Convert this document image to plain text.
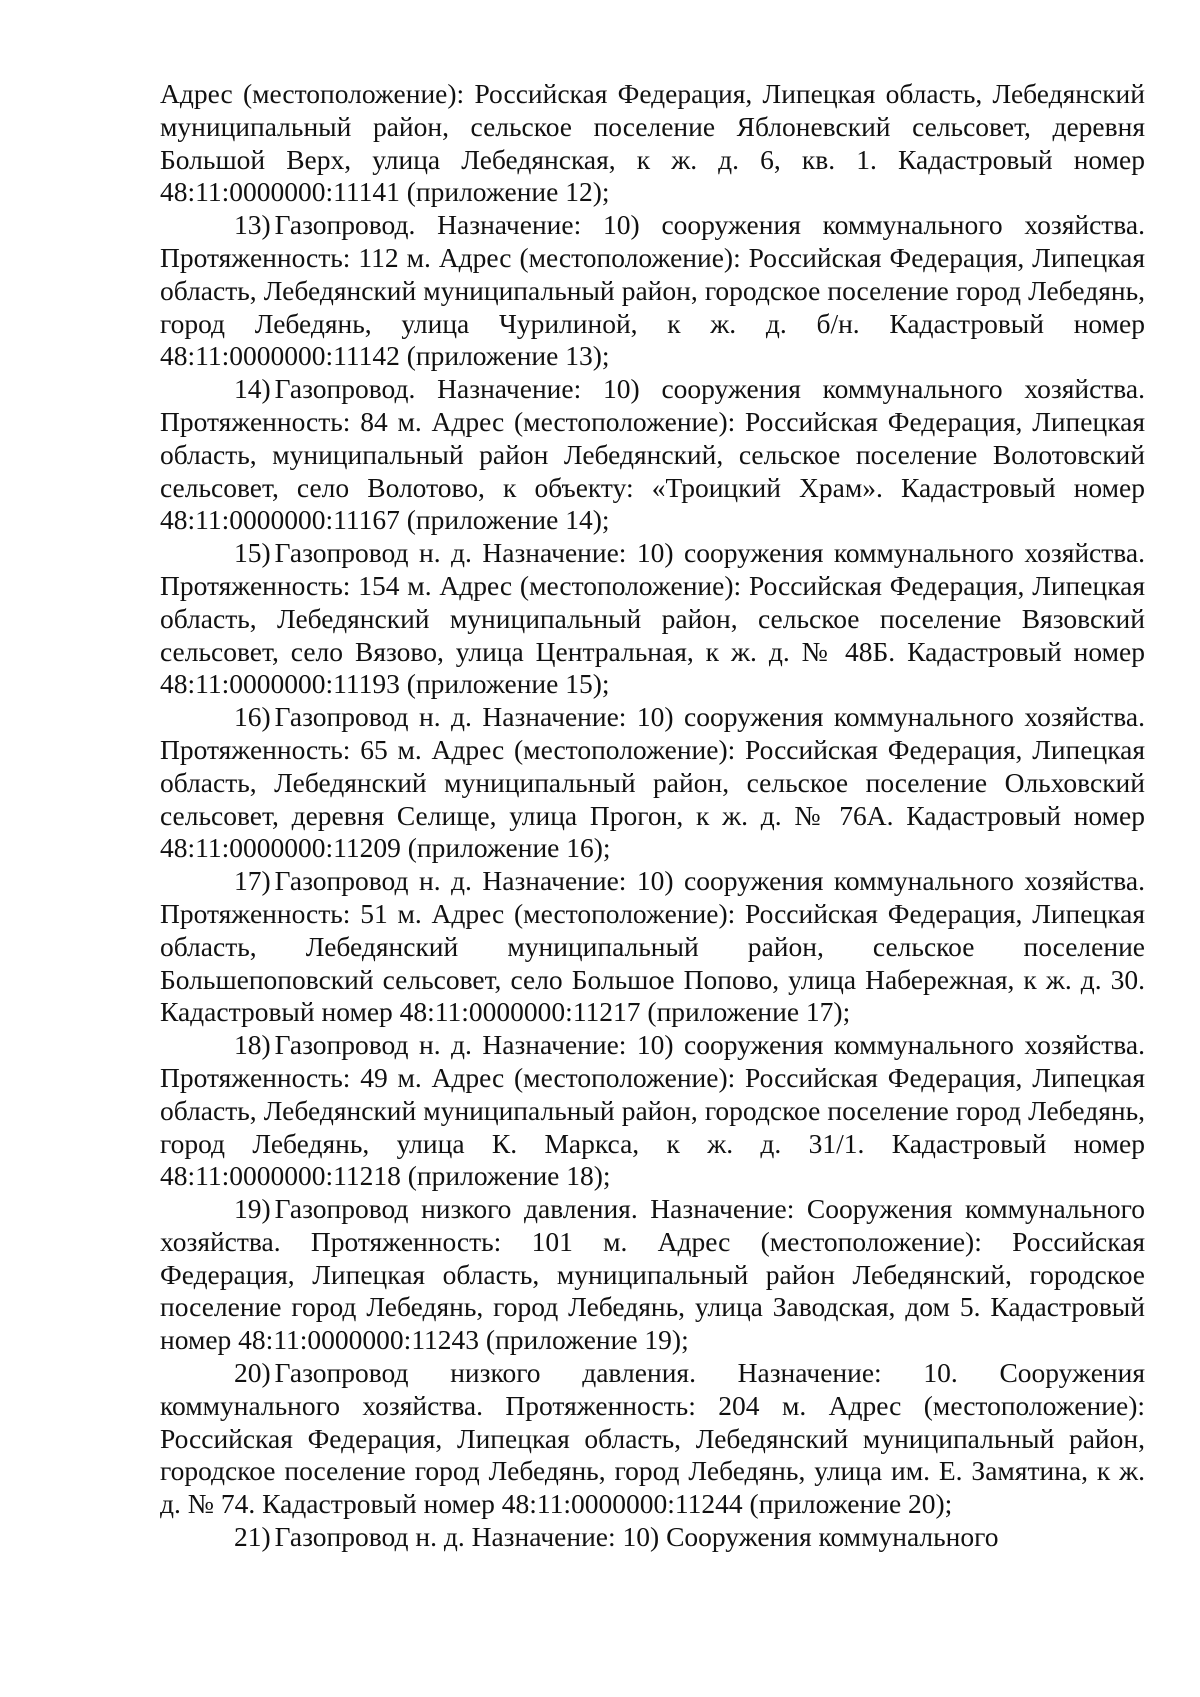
Адрес (местоположение): Российская Федерация, Липецкая область, Лебедянский муниципальный район, сельское поселение Яблоневский сельсовет, деревня Большой Верх, улица Лебедянская, к ж. д. 6, кв. 1. Кадастровый номер 48:11:0000000:11141 (приложение 12);

13) Газопровод. Назначение: 10) сооружения коммунального хозяйства. Протяженность: 112 м. Адрес (местоположение): Российская Федерация, Липецкая область, Лебедянский муниципальный район, городское поселение город Лебедянь, город Лебедянь, улица Чурилиной, к ж. д. б/н. Кадастровый номер 48:11:0000000:11142 (приложение 13);

14) Газопровод. Назначение: 10) сооружения коммунального хозяйства. Протяженность: 84 м. Адрес (местоположение): Российская Федерация, Липецкая область, муниципальный район Лебедянский, сельское поселение Волотовский сельсовет, село Волотово, к объекту: «Троицкий Храм». Кадастровый номер 48:11:0000000:11167 (приложение 14);

15) Газопровод н. д. Назначение: 10) сооружения коммунального хозяйства. Протяженность: 154 м. Адрес (местоположение): Российская Федерация, Липецкая область, Лебедянский муниципальный район, сельское поселение Вязовский сельсовет, село Вязово, улица Центральная, к ж. д. № 48Б. Кадастровый номер 48:11:0000000:11193 (приложение 15);

16) Газопровод н. д. Назначение: 10) сооружения коммунального хозяйства. Протяженность: 65 м. Адрес (местоположение): Российская Федерация, Липецкая область, Лебедянский муниципальный район, сельское поселение Ольховский сельсовет, деревня Селище, улица Прогон, к ж. д. № 76А. Кадастровый номер 48:11:0000000:11209 (приложение 16);

17) Газопровод н. д. Назначение: 10) сооружения коммунального хозяйства. Протяженность: 51 м. Адрес (местоположение): Российская Федерация, Липецкая область, Лебедянский муниципальный район, сельское поселение Большепоповский сельсовет, село Большое Попово, улица Набережная, к ж. д. 30. Кадастровый номер 48:11:0000000:11217 (приложение 17);

18) Газопровод н. д. Назначение: 10) сооружения коммунального хозяйства. Протяженность: 49 м. Адрес (местоположение): Российская Федерация, Липецкая область, Лебедянский муниципальный район, городское поселение город Лебедянь, город Лебедянь, улица К. Маркса, к ж. д. 31/1. Кадастровый номер 48:11:0000000:11218 (приложение 18);

19) Газопровод низкого давления. Назначение: Сооружения коммунального хозяйства. Протяженность: 101 м. Адрес (местоположение): Российская Федерация, Липецкая область, муниципальный район Лебедянский, городское поселение город Лебедянь, город Лебедянь, улица Заводская, дом 5. Кадастровый номер 48:11:0000000:11243 (приложение 19);

20) Газопровод низкого давления. Назначение: 10. Сооружения коммунального хозяйства. Протяженность: 204 м. Адрес (местоположение): Российская Федерация, Липецкая область, Лебедянский муниципальный район, городское поселение город Лебедянь, город Лебедянь, улица им. Е. Замятина, к ж. д. № 74. Кадастровый номер 48:11:0000000:11244 (приложение 20);

21) Газопровод н. д. Назначение: 10) Сооружения коммунального
